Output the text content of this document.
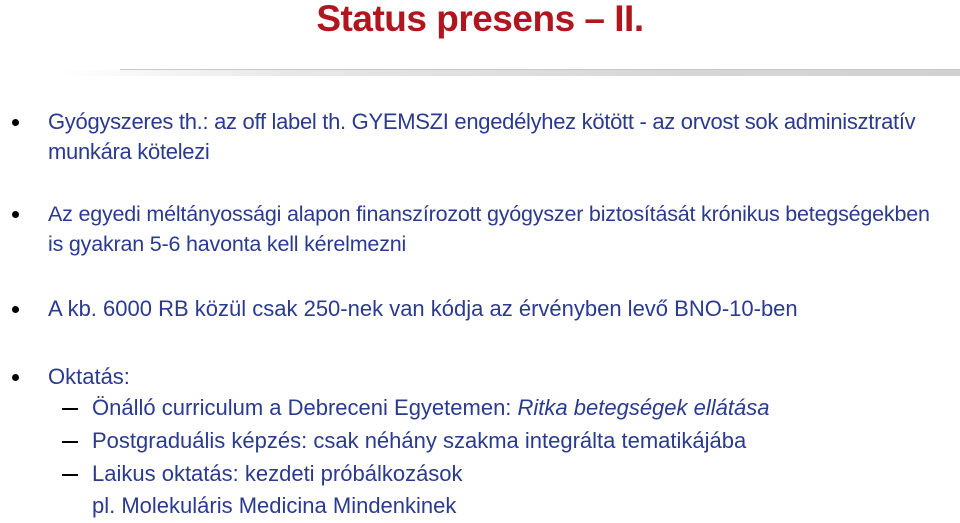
Status presens – II.
Gyógyszeres th.: az off label th. GYEMSZI engedélyhez kötött - az orvost sok adminisztratív munkára kötelezi
Az egyedi méltányossági alapon finanszírozott gyógyszer biztosítását krónikus betegségekben is gyakran 5-6 havonta kell kérelmezni
A kb. 6000 RB közül csak 250-nek van kódja az érvényben levő BNO-10-ben
Oktatás:
Önálló curriculum a Debreceni Egyetemen: Ritka betegségek ellátása
Postgraduális képzés: csak néhány szakma integrálta tematikájába
Laikus oktatás: kezdeti próbálkozások
pl. Molekuláris Medicina Mindenkinek
